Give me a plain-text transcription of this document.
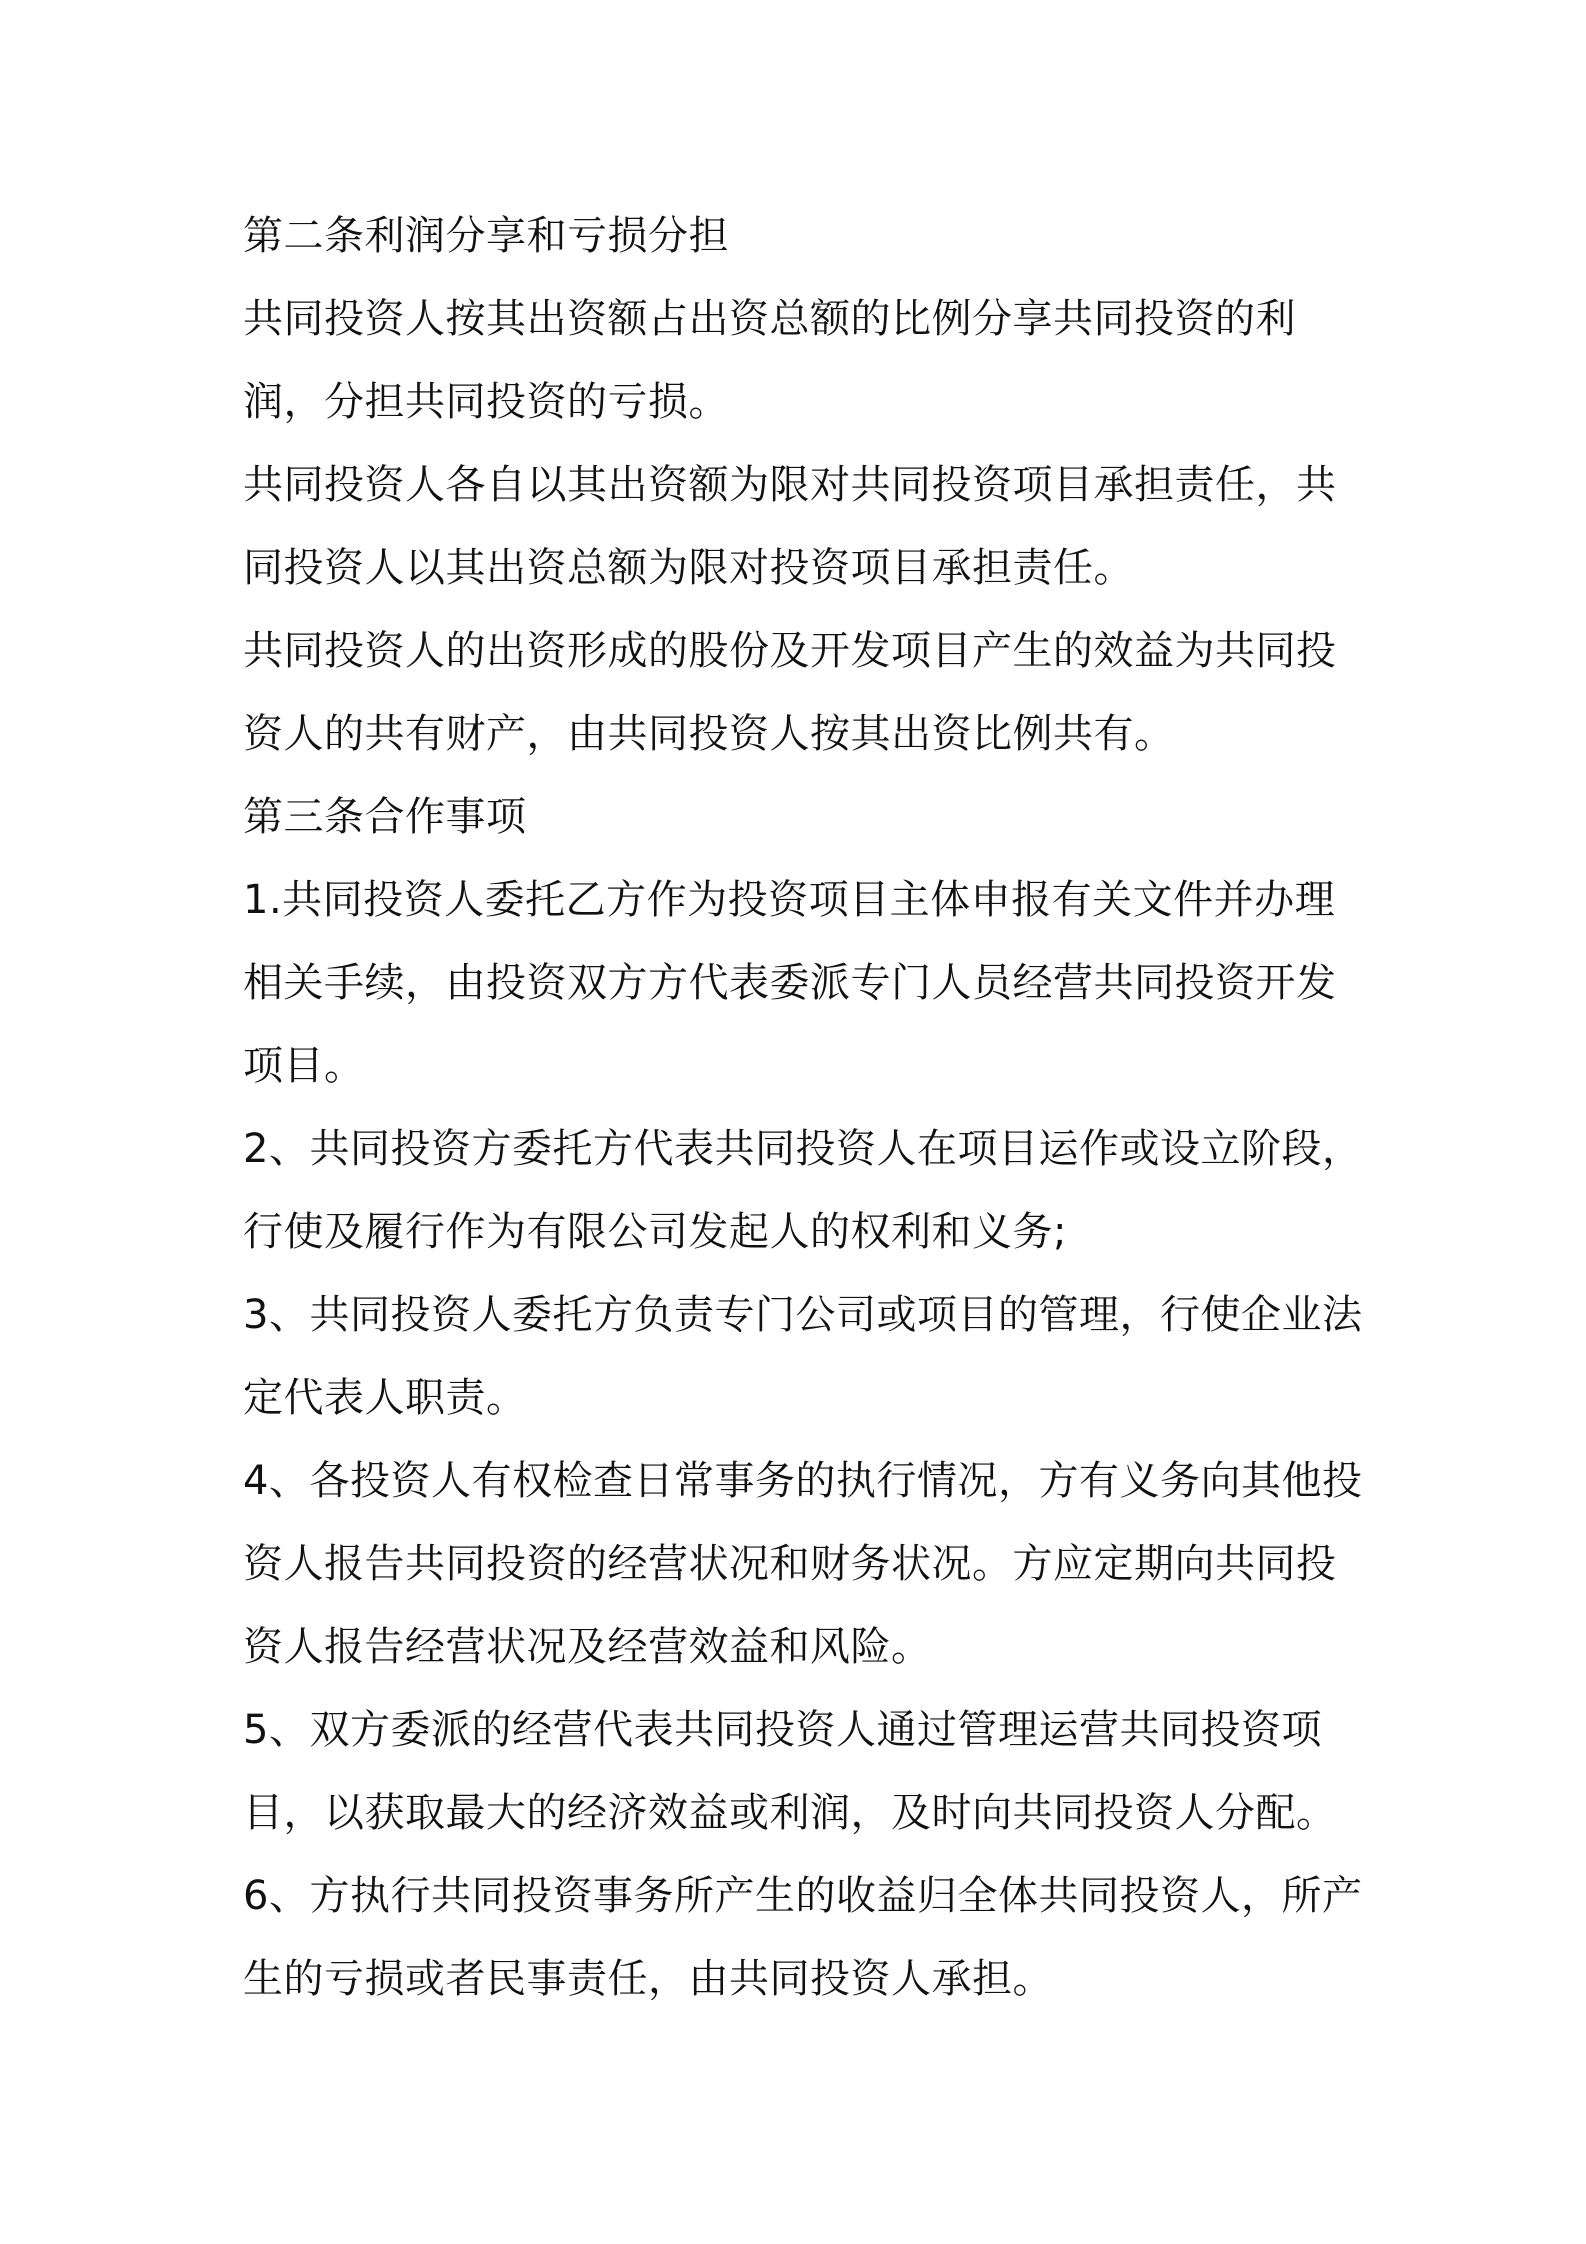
第二条利润分享和亏损分担

共同投资人按其出资额占出资总额的比例分享共同投资的利润，分担共同投资的亏损。

共同投资人各自以其出资额为限对共同投资项目承担责任，共同投资人以其出资总额为限对投资项目承担责任。

共同投资人的出资形成的股份及开发项目产生的效益为共同投资人的共有财产，由共同投资人按其出资比例共有。

第三条合作事项

1.共同投资人委托乙方作为投资项目主体申报有关文件并办理相关手续，由投资双方方代表委派专门人员经营共同投资开发项目。

2、共同投资方委托方代表共同投资人在项目运作或设立阶段，行使及履行作为有限公司发起人的权利和义务;

3、共同投资人委托方负责专门公司或项目的管理，行使企业法定代表人职责。

4、各投资人有权检查日常事务的执行情况，方有义务向其他投资人报告共同投资的经营状况和财务状况。方应定期向共同投资人报告经营状况及经营效益和风险。

5、双方委派的经营代表共同投资人通过管理运营共同投资项目，以获取最大的经济效益或利润，及时向共同投资人分配。

6、方执行共同投资事务所产生的收益归全体共同投资人，所产生的亏损或者民事责任，由共同投资人承担。
